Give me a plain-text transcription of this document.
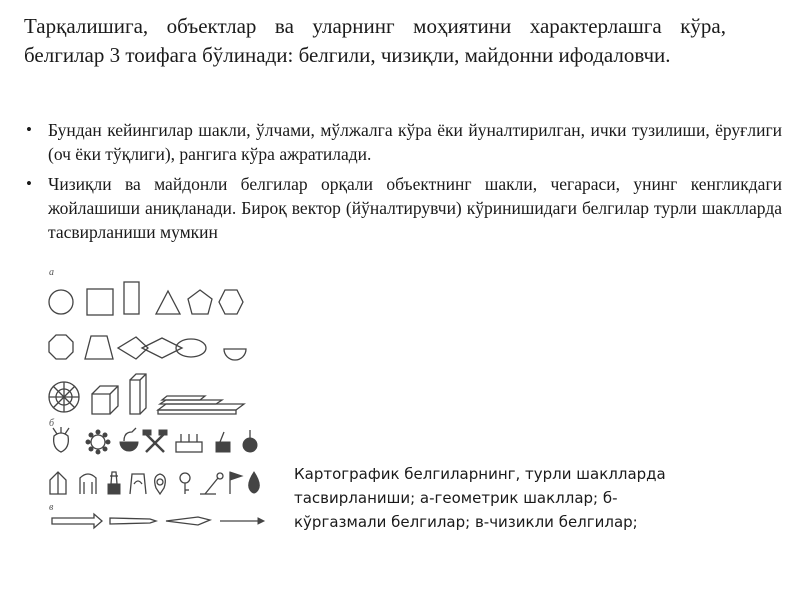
Тарқалишига, объектлар ва уларнинг моҳиятини характерлашга кўра, белгилар 3 тоифага бўлинади: белгили, чизиқли, майдонни ифодаловчи.

• Бундан кейингилар шакли, ўлчами, мўлжалга кўра ёки йуналтирилган, ички тузилиши, ёруғлиги (оч ёки тўқлиги), рангига кўра ажратилади.
• Чизиқли ва майдонли белгилар орқали объектнинг шакли, чегараси, унинг кенгликдаги жойлашиши аниқланади. Бироқ вектор (йўналтирувчи) кўринишидаги белгилар турли шаклларда тасвирланиши мумкин
а
б
в

Картографик белгиларнинг, турли шаклларда тасвирланиши; а-геометрик шакллар; б-кўргазмали белгилар; в-чизикли белгилар;
